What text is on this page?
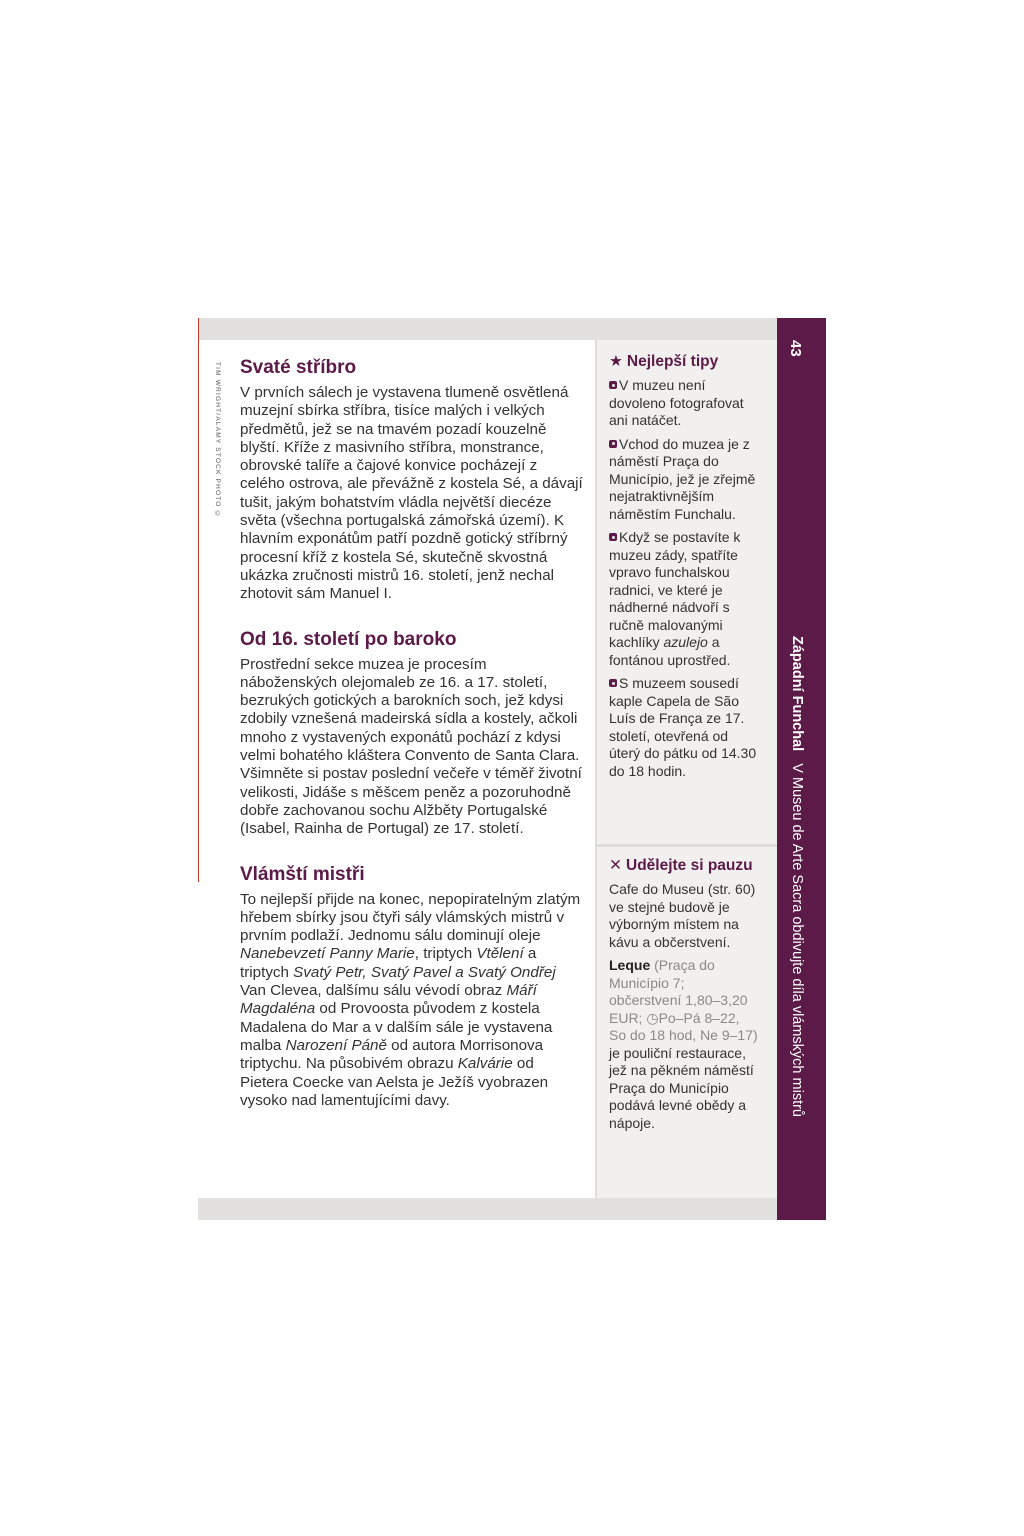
TIM WRIGHT/ALAMY STOCK PHOTO © Svaté stříbro

V prvních sálech je vystavena tlumeně osvětlená muzejní sbírka stříbra, tisíce malých i velkých předmětů, jež se na tmavém pozadí kouzelně blyští. Kříže z masivního stříbra, monstrance, obrovské talíře a čajové konvice pocházejí z celého ostrova, ale převážně z kostela Sé, a dávají tušit, jakým bohatstvím vládla největší diecéze světa (všechna portugalská zámořská území). K hlavním exponátům patří pozdně gotický stříbrný procesní kříž z kostela Sé, skutečně skvostná ukázka zručnosti mistrů 16. století, jenž nechal zhotovit sám Manuel I.

Od 16. století po baroko

Prostřední sekce muzea je procesím náboženských olejomaleb ze 16. a 17. století, bezrukých gotických a barokních soch, jež kdysi zdobily vznešená madeirská sídla a kostely, ačkoli mnoho z vystavených exponátů pochází z kdysi velmi bohatého kláštera Convento de Santa Clara. Všimněte si postav poslední večeře v téměř životní velikosti, Jidáše s měšcem peněz a pozoruhodně dobře zachovanou sochu Alžběty Portugalské (Isabel, Rainha de Portugal) ze 17. století.

Vlámští mistři

To nejlepší přijde na konec, nepopiratelným zlatým hřebem sbírky jsou čtyři sály vlámských mistrů v prvním podlaží. Jednomu sálu dominují oleje Nanebevzetí Panny Marie, triptych Vtělení a triptych Svatý Petr, Svatý Pavel a Svatý Ondřej Van Clevea, dalšímu sálu vévodí obraz Máří Magdaléna od Provoosta původem z kostela Madalena do Mar a v dalším sále je vystavena malba Narození Páně od autora Morrisonova triptychu. Na působivém obrazu Kalvárie od Pietera Coecke van Aelsta je Ježíš vyobrazen vysoko nad lamentujícími davy.

★ Nejlepší tipy

V muzeu není dovoleno fotografovat ani natáčet.

Vchod do muzea je z náměstí Praça do Município, jež je zřejmě nejatraktivnějším náměstím Funchalu.

Když se postavíte k muzeu zády, spatříte vpravo funchalskou radnici, ve které je nádherné nádvoří s ručně malovanými kachlíky azulejo a fontánou uprostřed.

S muzeem sousedí kaple Capela de São Luís de França ze 17. století, otevřená od úterý do pátku od 14.30 do 18 hodin.

✕ Udělejte si pauzu

Cafe do Museu (str. 60) ve stejné budově je výborným místem na kávu a občerstvení.

Leque (Praça do Município 7; občerstvení 1,80–3,20 EUR; ◷Po–Pá 8–22, So do 18 hod, Ne 9–17) je pouliční restaurace, jež na pěkném náměstí Praça do Município podává levné obědy a nápoje.

43
Západní FunchalV Museu de Arte Sacra obdivujte díla vlámských mistrů
